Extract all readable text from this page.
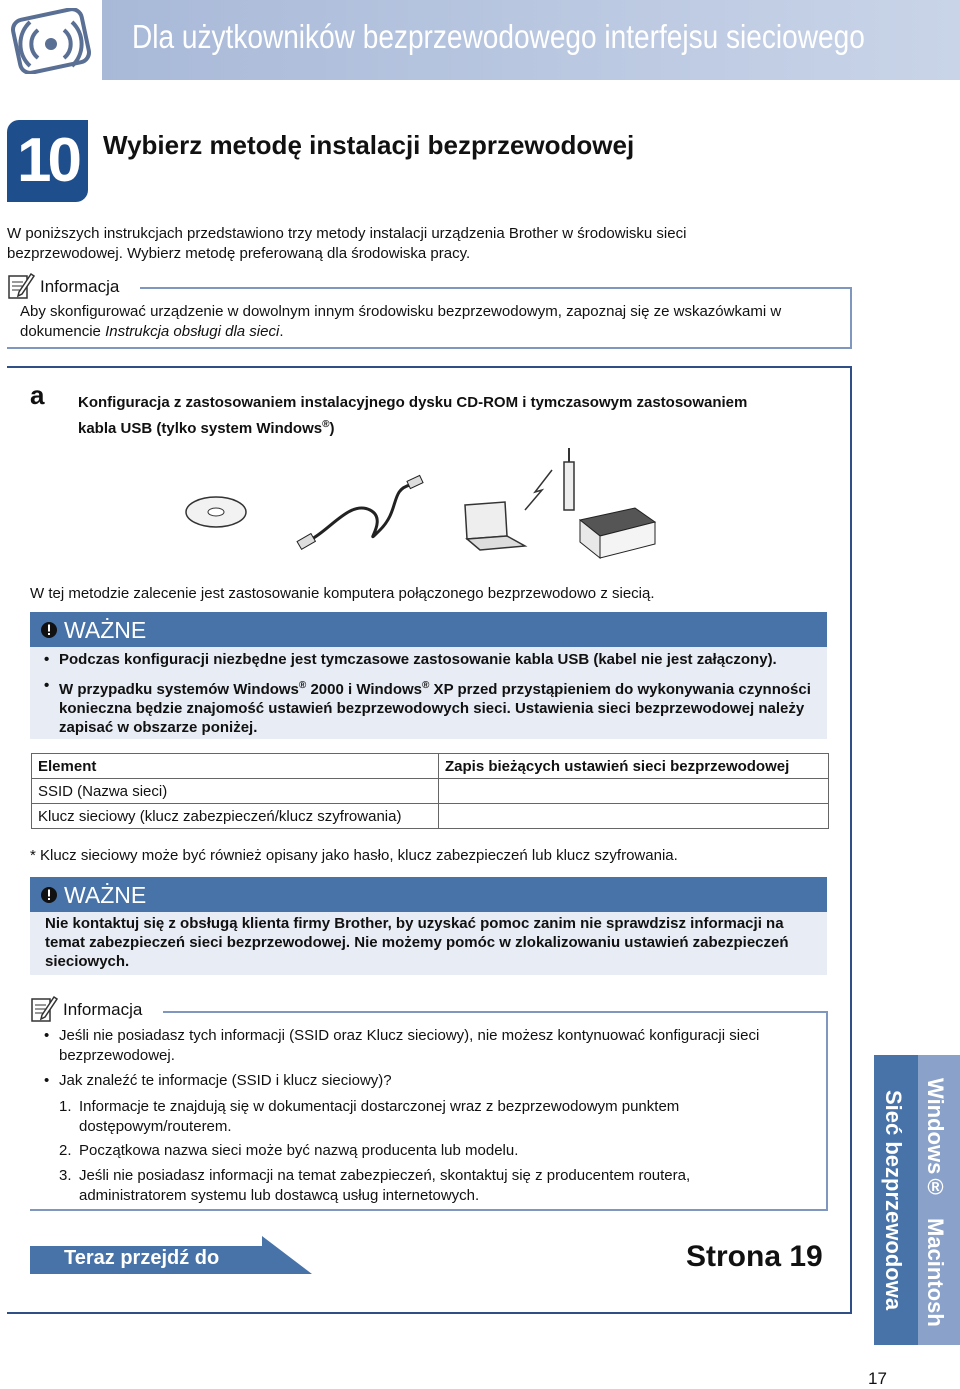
Dla użytkowników bezprzewodowego interfejsu sieciowego
10 Wybierz metodę instalacji bezprzewodowej
W poniższych instrukcjach przedstawiono trzy metody instalacji urządzenia Brother w środowisku sieci bezprzewodowej. Wybierz metodę preferowaną dla środowiska pracy.
Informacja
Aby skonfigurować urządzenie w dowolnym innym środowisku bezprzewodowym, zapoznaj się ze wskazówkami w dokumencie Instrukcja obsługi dla sieci.
a Konfiguracja z zastosowaniem instalacyjnego dysku CD-ROM i tymczasowym zastosowaniem
kabla USB (tylko system Windows®)
W tej metodzie zalecenie jest zastosowanie komputera połączonego bezprzewodowo z siecią.
WAŻNE
• Podczas konfiguracji niezbędne jest tymczasowe zastosowanie kabla USB (kabel nie jest załączony).
• W przypadku systemów Windows® 2000 i Windows® XP przed przystąpieniem do wykonywania czynności konieczna będzie znajomość ustawień bezprzewodowych sieci. Ustawienia sieci bezprzewodowej należy zapisać w obszarze poniżej.
Element	Zapis bieżących ustawień sieci bezprzewodowej
SSID (Nazwa sieci)	
Klucz sieciowy (klucz zabezpieczeń/klucz szyfrowania)	
* Klucz sieciowy może być również opisany jako hasło, klucz zabezpieczeń lub klucz szyfrowania.
WAŻNE
Nie kontaktuj się z obsługą klienta firmy Brother, by uzyskać pomoc zanim nie sprawdzisz informacji na temat zabezpieczeń sieci bezprzewodowej. Nie możemy pomóc w zlokalizowaniu ustawień zabezpieczeń sieciowych.
Informacja
• Jeśli nie posiadasz tych informacji (SSID oraz Klucz sieciowy), nie możesz kontynuować konfiguracji sieci bezprzewodowej.
• Jak znaleźć te informacje (SSID i klucz sieciowy)?
1. Informacje te znajdują się w dokumentacji dostarczonej wraz z bezprzewodowym punktem dostępowym/routerem.
2. Początkowa nazwa sieci może być nazwą producenta lub modelu.
3. Jeśli nie posiadasz informacji na temat zabezpieczeń, skontaktuj się z producentem routera, administratorem systemu lub dostawcą usług internetowych.
Teraz przejdź do	Strona 19	Sieć bezprzewodowa Windows®
Macintosh
17
